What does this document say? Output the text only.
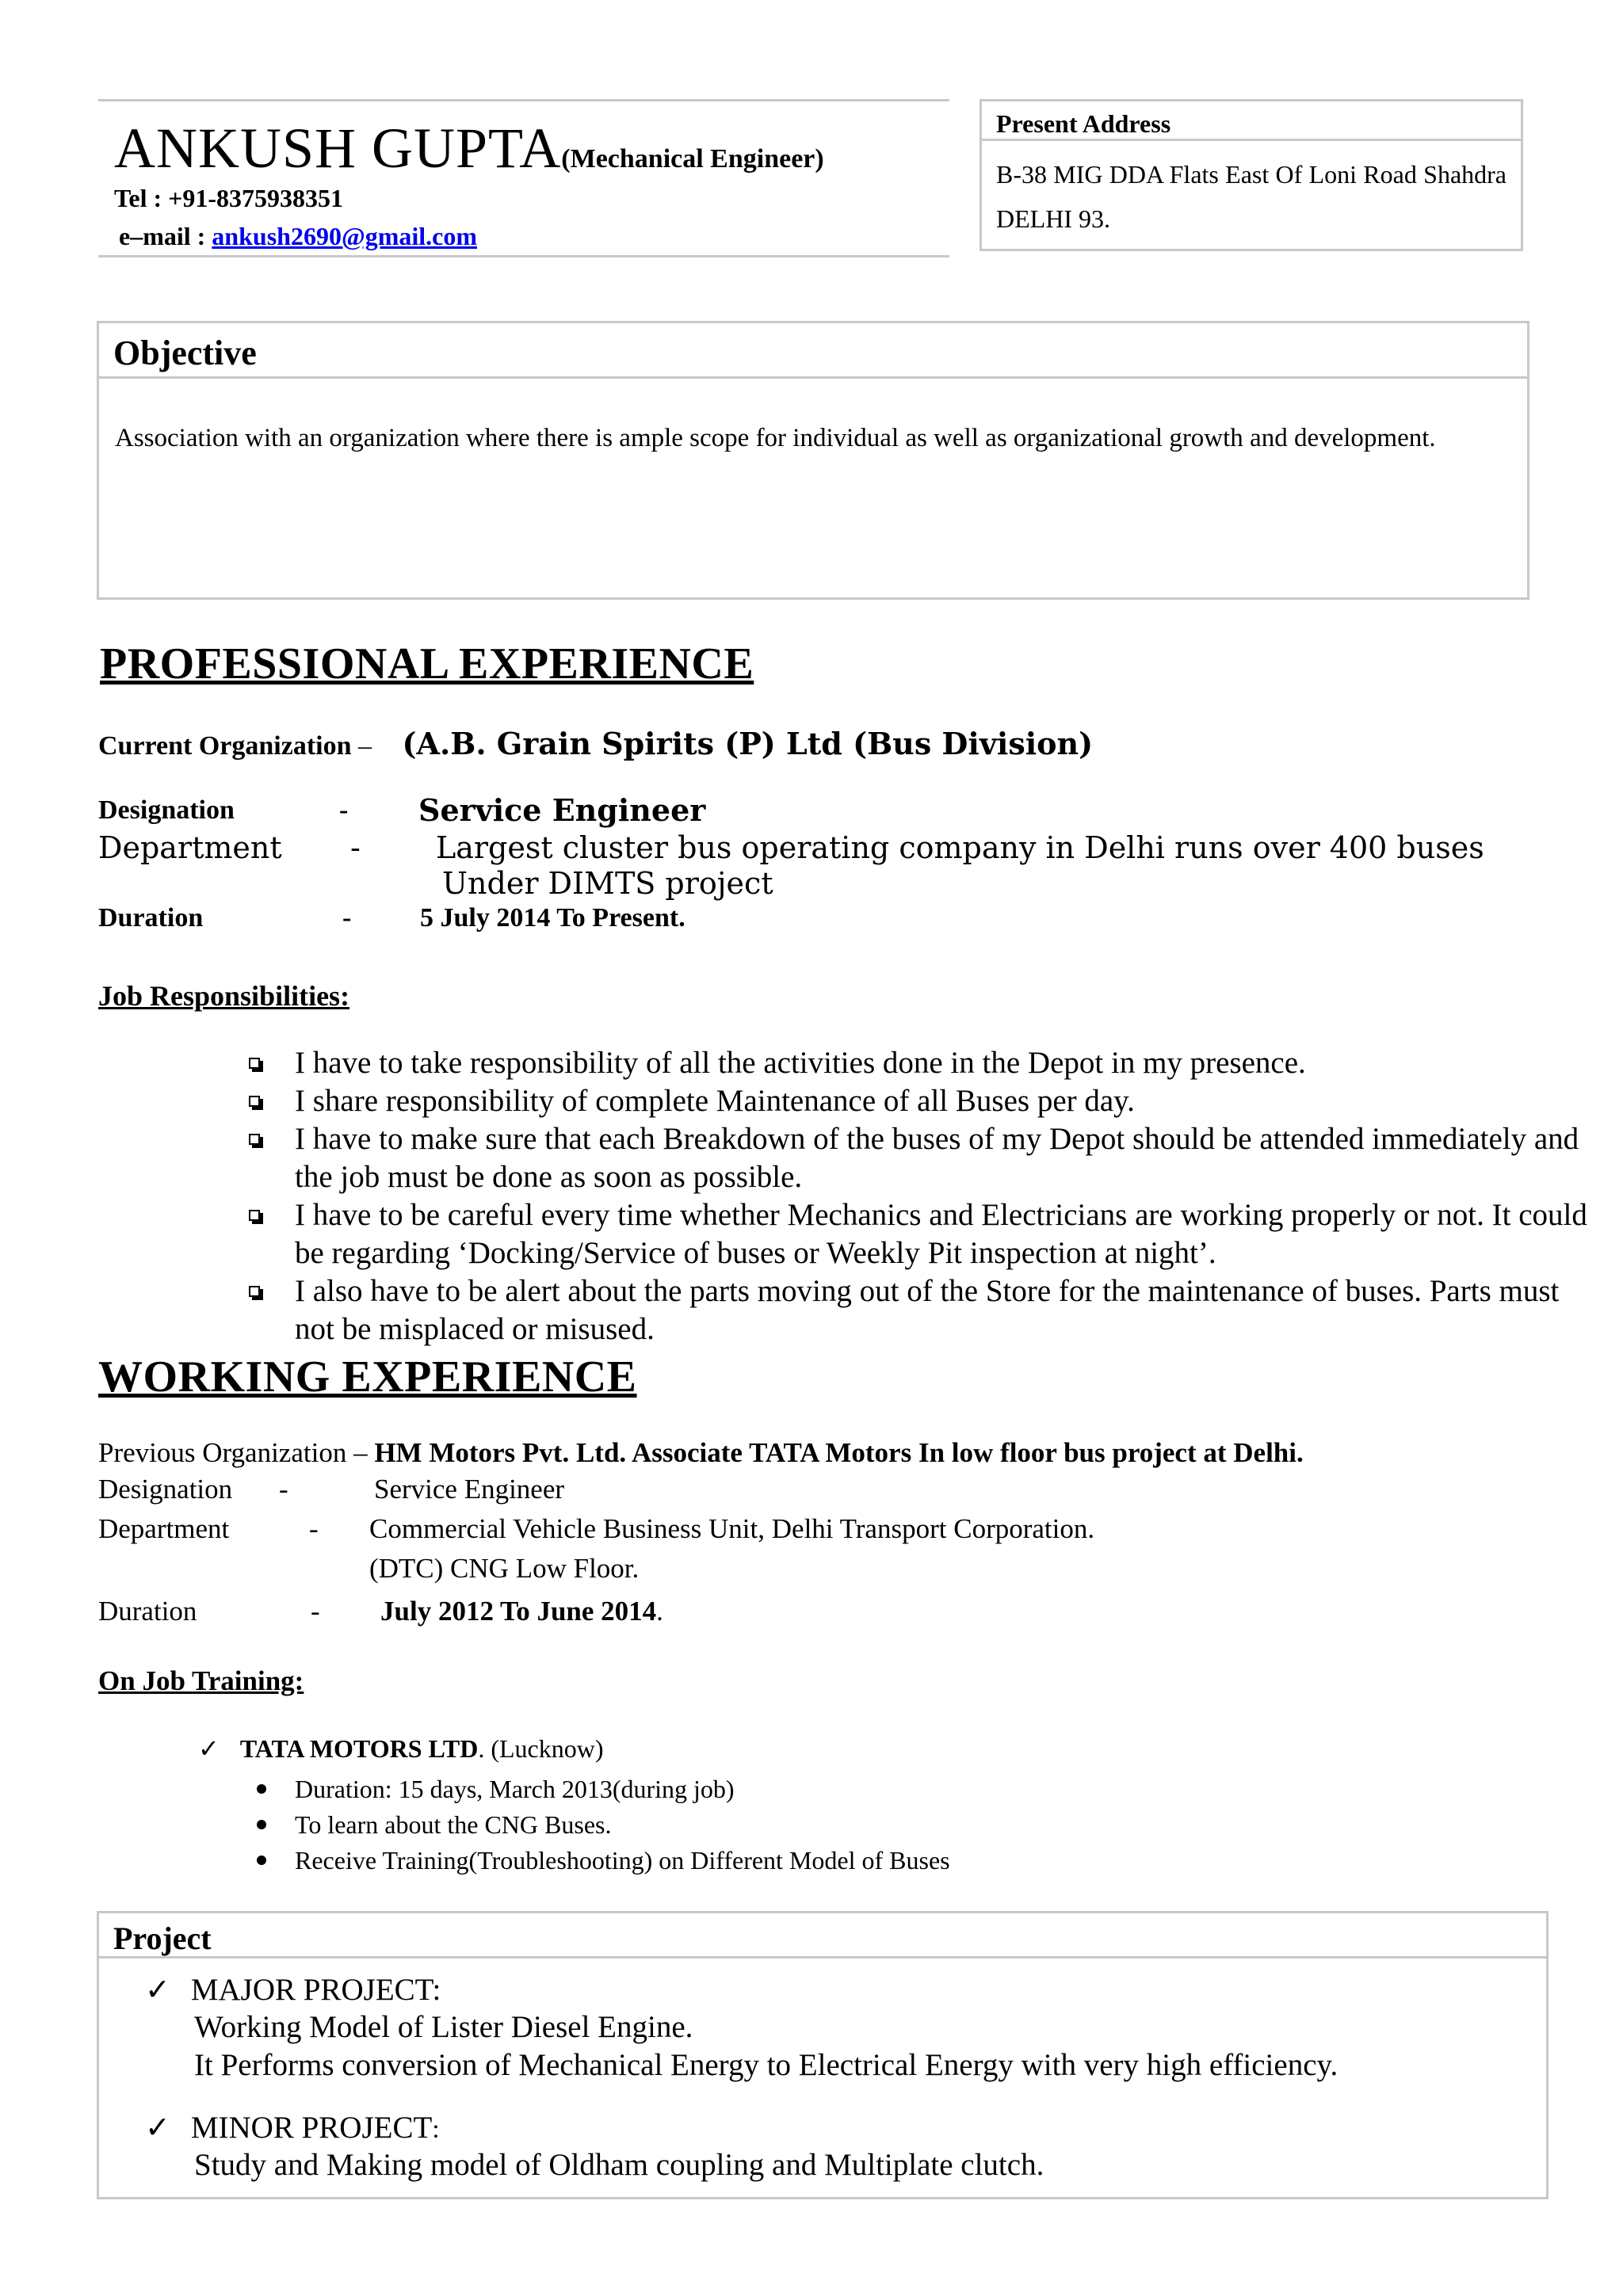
ANKUSH GUPTA(Mechanical Engineer)
Tel : +91-8375938351
e–mail : ankush2690@gmail.com
Present Address
B-38 MIG DDA Flats East Of Loni Road Shahdra DELHI 93.
Objective
Association with an organization where there is ample scope for individual as well as organizational growth and development.
PROFESSIONAL EXPERIENCE
Current Organization – (A.B. Grain Spirits (P) Ltd (Bus Division)
Designation	- Service Engineer
Department -	Largest cluster bus operating company in Delhi runs over 400 buses
Under DIMTS project
Duration	-	5 July 2014 To Present.
Job Responsibilities:
I have to take responsibility of all the activities done in the Depot in my presence.
I share responsibility of complete Maintenance of all Buses per day.
I have to make sure that each Breakdown of the buses of my Depot should be attended immediately and the job must be done as soon as possible.
I have to be careful every time whether Mechanics and Electricians are working properly or not. It could be regarding ‘Docking/Service of buses or Weekly Pit inspection at night’.
I also have to be alert about the parts moving out of the Store for the maintenance of buses. Parts must not be misplaced or misused.
WORKING EXPERIENCE
Previous Organization – HM Motors Pvt. Ltd. Associate TATA Motors In low floor bus project at Delhi.
Designation -	Service Engineer
Department	- Commercial Vehicle Business Unit, Delhi Transport Corporation.
(DTC) CNG Low Floor.
Duration	- July 2012 To June 2014.
On Job Training:
✓ TATA MOTORS LTD. (Lucknow)
Duration: 15 days, March 2013(during job)
To learn about the CNG Buses.
Receive Training(Troubleshooting) on Different Model of Buses
Project
✓ MAJOR PROJECT:
Working Model of Lister Diesel Engine.
It Performs conversion of Mechanical Energy to Electrical Energy with very high efficiency.
✓ MINOR PROJECT:
Study and Making model of Oldham coupling and Multiplate clutch.
